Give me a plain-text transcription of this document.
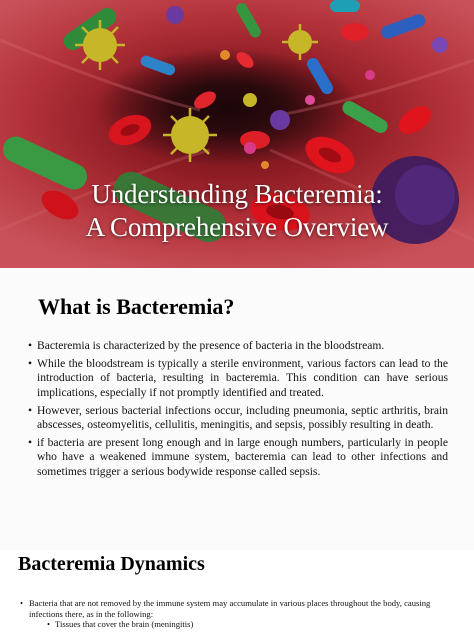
Understanding Bacteremia:
A Comprehensive Overview
What is Bacteremia?
• Bacteremia is characterized by the presence of bacteria in the bloodstream.
• While the bloodstream is typically a sterile environment, various factors can lead to the introduction of bacteria, resulting in bacteremia. This condition can have serious implications, especially if not promptly identified and treated.
• However, serious bacterial infections occur, including pneumonia, septic arthritis, brain abscesses, osteomyelitis, cellulitis, meningitis, and sepsis, possibly resulting in death.
• if bacteria are present long enough and in large enough numbers, particularly in people who have a weakened immune system, bacteremia can lead to other infections and sometimes trigger a serious bodywide response called sepsis.
Bacteremia Dynamics
• Bacteria that are not removed by the immune system may accumulate in various places throughout the body, causing infections there, as in the following:
• Tissues that cover the brain (meningitis)
